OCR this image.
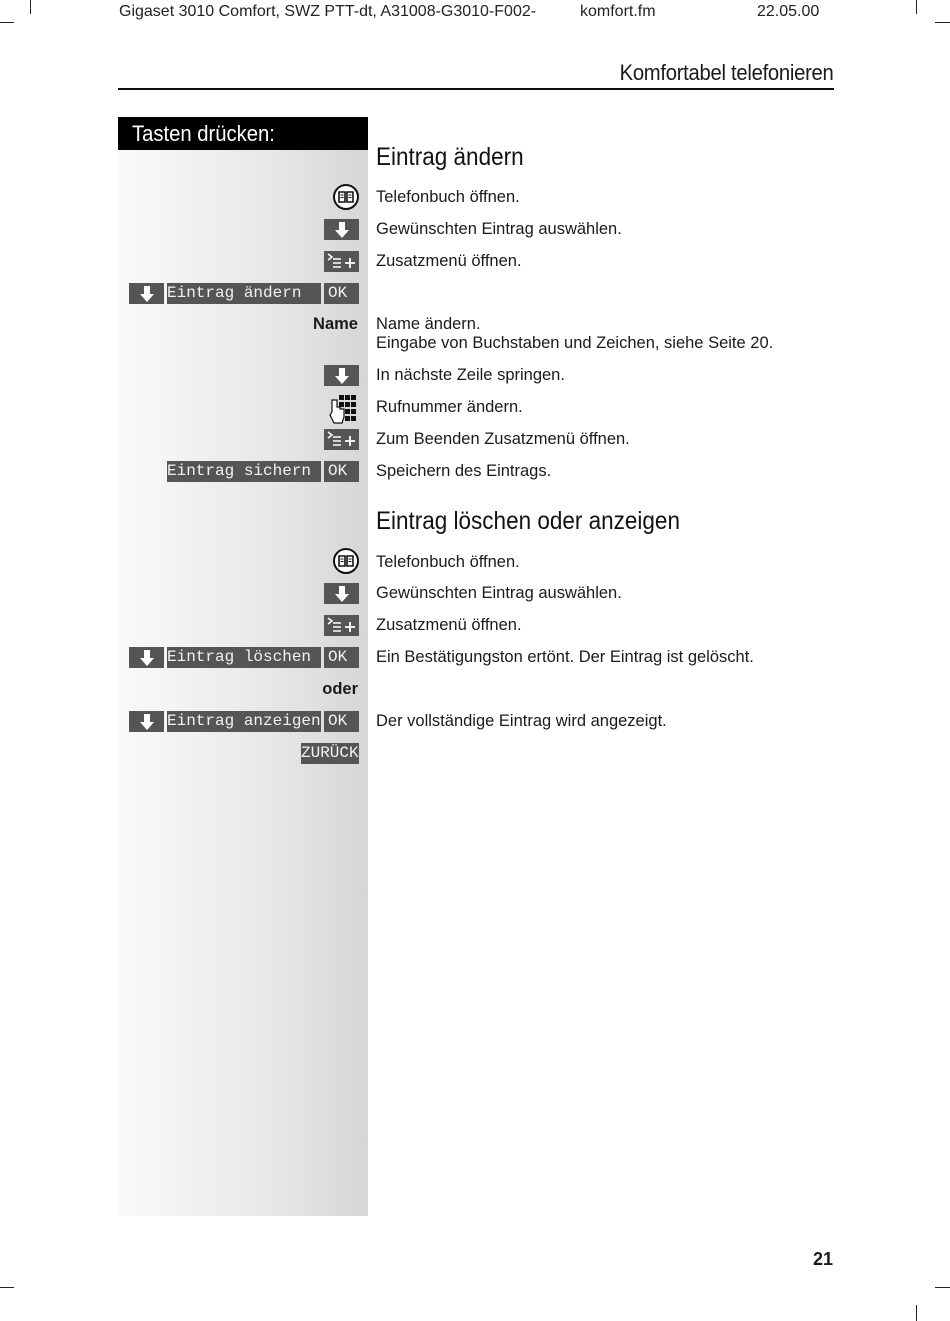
Gigaset 3010 Comfort, SWZ PTT-dt, A31008-G3010-F002-	komfort.fm	22.05.00
Komfortabel telefonieren
Tasten drücken:
Eintrag ändern
Telefonbuch öffnen.
Gewünschten Eintrag auswählen.
Zusatzmenü öffnen.
Eintrag ändern	OK
Name Name ändern.
Eingabe von Buchstaben und Zeichen, siehe Seite 20.
In nächste Zeile springen.
Rufnummer ändern.
Zum Beenden Zusatzmenü öffnen.
Eintrag sichern	OK	Speichern des Eintrags.
Eintrag löschen oder anzeigen
Telefonbuch öffnen.
Gewünschten Eintrag auswählen.
Zusatzmenü öffnen.
Eintrag löschen	OK	Ein Bestätigungston ertönt. Der Eintrag ist gelöscht.
oder
Eintrag anzeigen OK	Der vollständige Eintrag wird angezeigt.
ZURÜCK
21
